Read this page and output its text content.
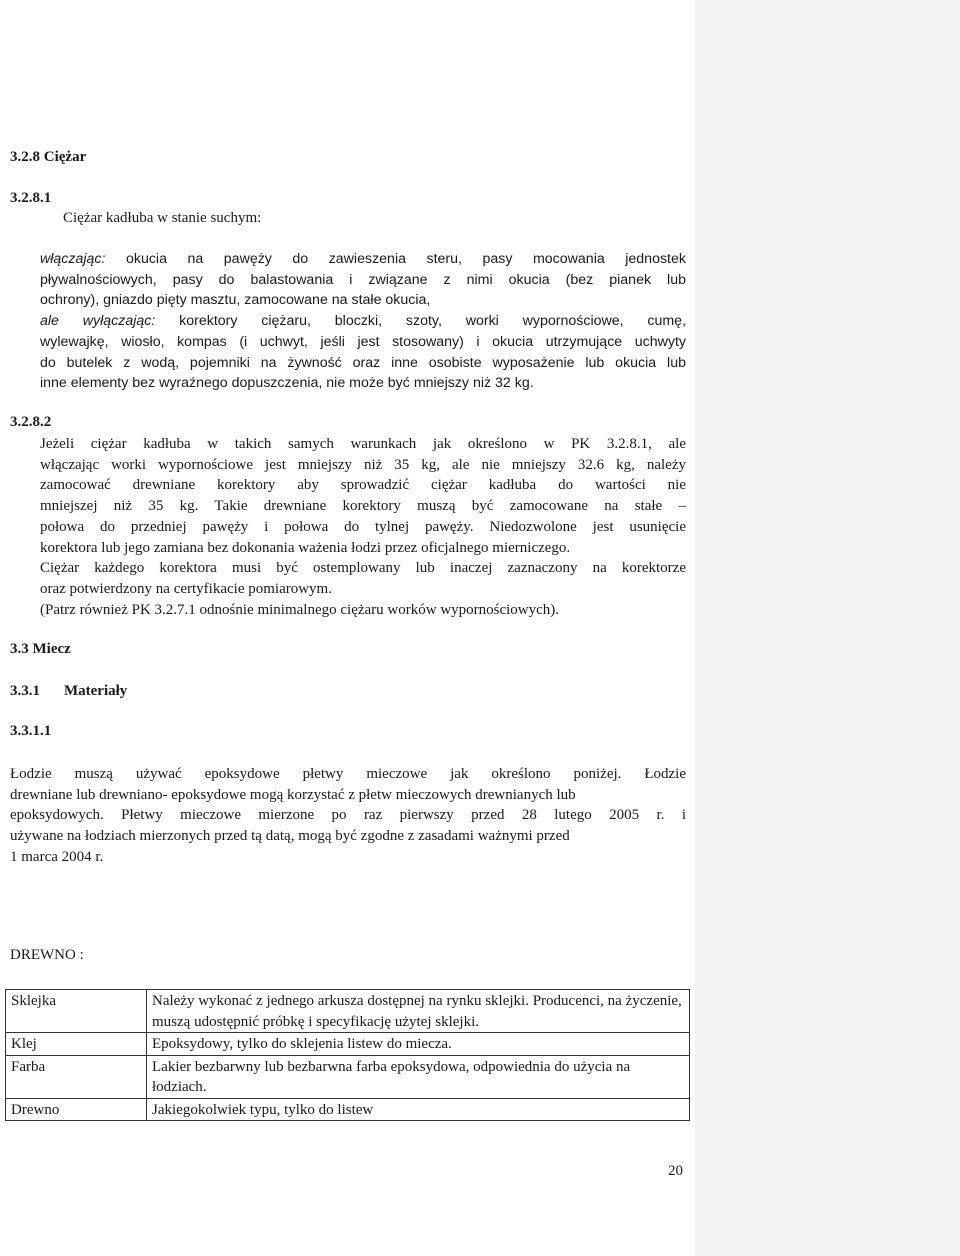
3.2.8 Ciężar
3.2.8.1
Ciężar kadłuba w stanie suchym:
włączając: okucia na pawęży do zawieszenia steru, pasy mocowania jednostek
pływalnościowych, pasy do balastowania i związane z nimi okucia (bez pianek lub
ochrony), gniazdo pięty masztu, zamocowane na stałe okucia,
ale wyłączając: korektory ciężaru, bloczki, szoty, worki wypornościowe, cumę,
wylewajkę, wiosło, kompas (i uchwyt, jeśli jest stosowany) i okucia utrzymujące uchwyty
do butelek z wodą, pojemniki na żywność oraz inne osobiste wyposażenie lub okucia lub
inne elementy bez wyraźnego dopuszczenia, nie może być mniejszy niż 32 kg.
3.2.8.2
Jeżeli ciężar kadłuba w takich samych warunkach jak określono w PK 3.2.8.1, ale
włączając worki wypornościowe jest mniejszy niż 35 kg, ale nie mniejszy 32.6 kg, należy
zamocować drewniane korektory aby sprowadzić ciężar kadłuba do wartości nie
mniejszej niż 35 kg. Takie drewniane korektory muszą być zamocowane na stałe –
połowa do przedniej pawęży i połowa do tylnej pawęży. Niedozwolone jest usunięcie
korektora lub jego zamiana bez dokonania ważenia łodzi przez oficjalnego mierniczego.
Ciężar każdego korektora musi być ostemplowany lub inaczej zaznaczony na korektorze
oraz potwierdzony na certyfikacie pomiarowym.
(Patrz również PK 3.2.7.1 odnośnie minimalnego ciężaru worków wypornościowych).
3.3 Miecz
3.3.1 Materiały
3.3.1.1
Łodzie muszą używać epoksydowe płetwy mieczowe jak określono poniżej. Łodzie
drewniane lub drewniano- epoksydowe mogą korzystać z płetw mieczowych drewnianych lub
epoksydowych. Płetwy mieczowe mierzone po raz pierwszy przed 28 lutego 2005 r. i
używane na łodziach mierzonych przed tą datą, mogą być zgodne z zasadami ważnymi przed
1 marca 2004 r.
DREWNO :
Sklejka	Należy wykonać z jednego arkusza dostępnej na rynku sklejki. Producenci, na życzenie, muszą udostępnić próbkę i specyfikację użytej sklejki.
Klej	Epoksydowy, tylko do sklejenia listew do miecza.
Farba	Lakier bezbarwny lub bezbarwna farba epoksydowa, odpowiednia do użycia na łodziach.
Drewno	Jakiegokolwiek typu, tylko do listew
20
